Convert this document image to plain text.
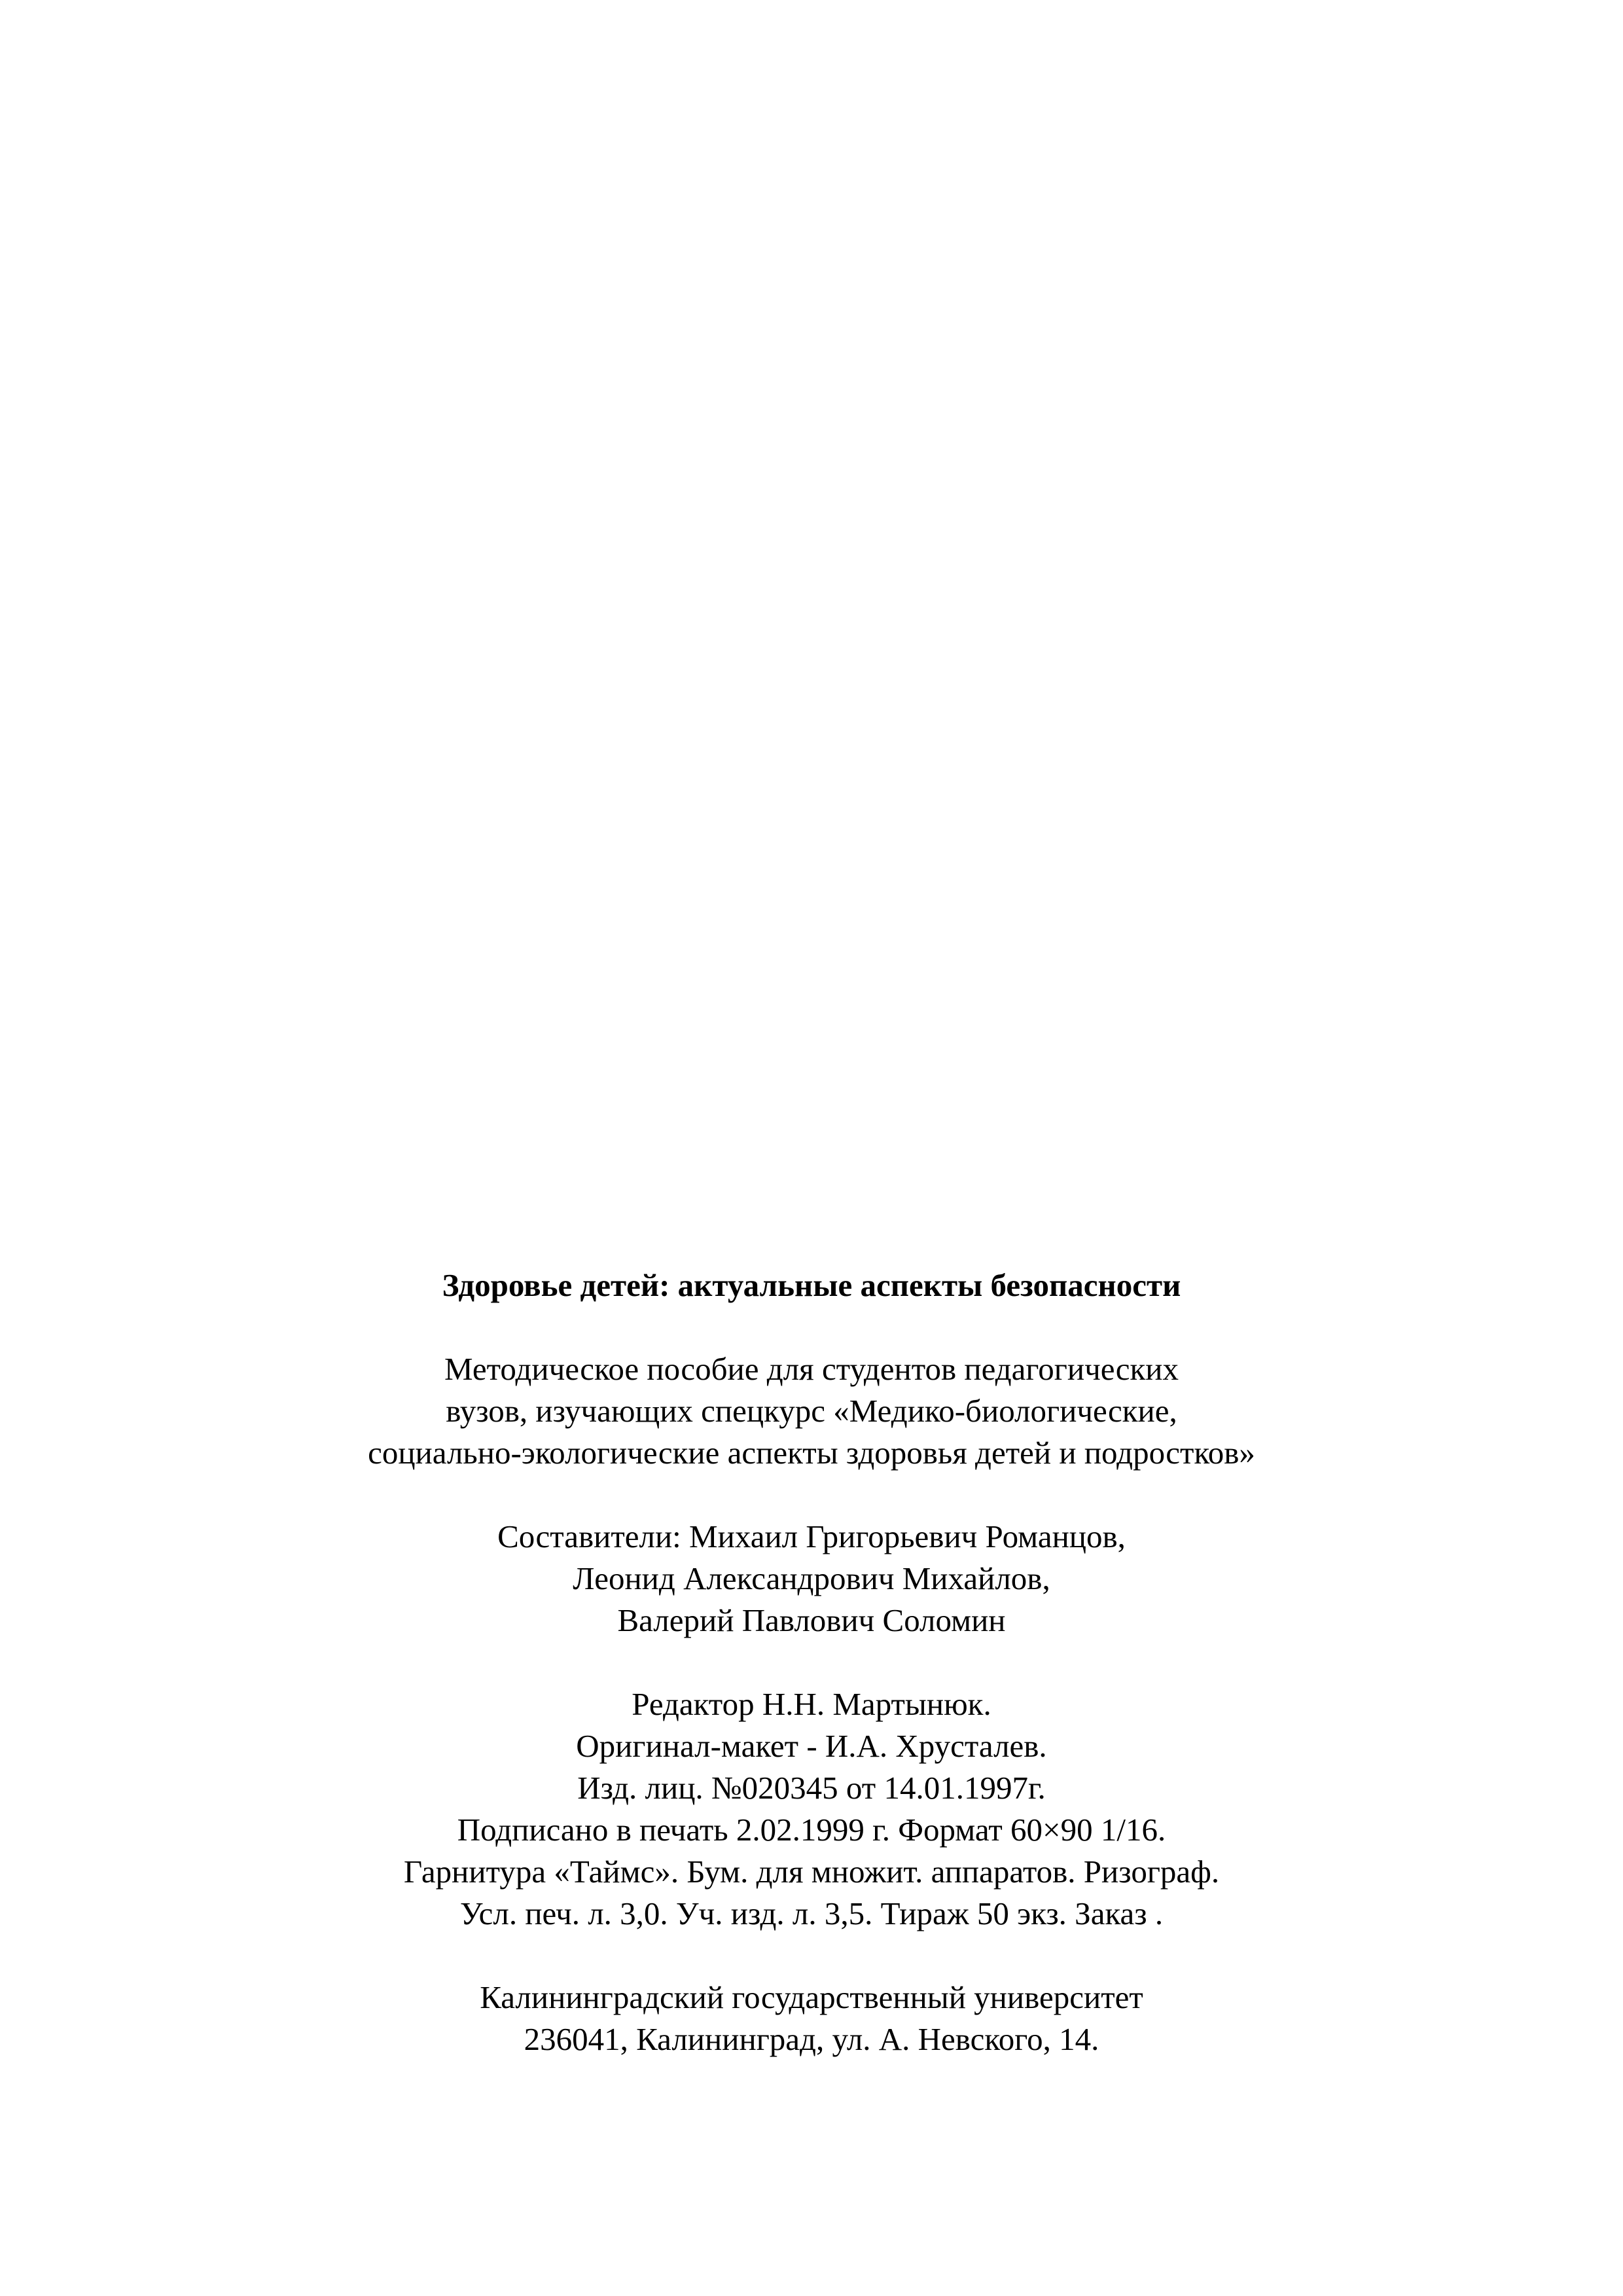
Здоровье детей: актуальные аспекты безопасности

Методическое пособие для студентов педагогических
вузов, изучающих спецкурс «Медико-биологические,
социально-экологические аспекты здоровья детей и подростков»
Составители: Михаил Григорьевич Романцов,
Леонид Александрович Михайлов,
Валерий Павлович Соломин
Редактор Н.Н. Мартынюк.
Оригинал-макет - И.А. Хрусталев.
Изд. лиц. №020345 от 14.01.1997г.
Подписано в печать 2.02.1999 г. Формат 60×90 1/16.
Гарнитура «Таймс». Бум. для множит. аппаратов. Ризограф.
Усл. печ. л. 3,0. Уч. изд. л. 3,5. Тираж 50 экз. Заказ .
Калининградский государственный университет
236041, Калининград, ул. А. Невского, 14.
